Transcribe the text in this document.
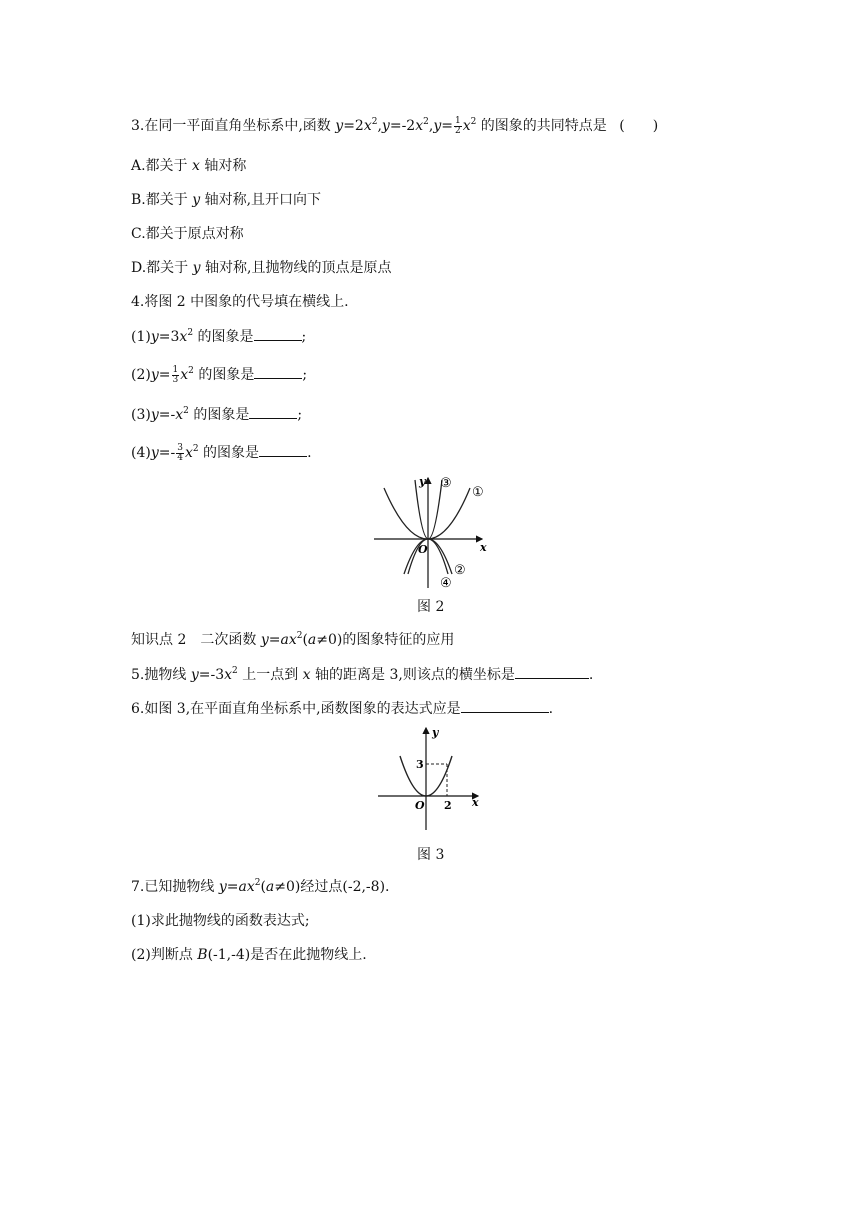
3.在同一平面直角坐标系中,函数 $y=2x^2,y=-2x^2,y= \frac{1}{2} x^2$ 的图象的共同特点是 (　　)
A.都关于 x 轴对称
B.都关于 y 轴对称,且开口向下
C.都关于原点对称
D.都关于 y 轴对称,且抛物线的顶点是原点
4.将图 2 中图象的代号填在横线上.
$(1)y=3x^2$ 的图象是	;
$(2)y= \frac{1}{3} x^2$ 的图象是	;
$(3)y=-x^2$ 的图象是	;
$(4)y=- \frac{3}{4} x^2$ 的图象是	.
y
x
O
①
③
②
④
图 2
知识点 2　二次函数 $y=ax^2(a\ne 0)$的图象特征的应用
5.抛物线 $y=-3x^2$ 上一点到 x 轴的距离是 3,则该点的横坐标是	.
6.如图 3,在平面直角坐标系中,函数图象的表达式应是	.
y
x
O
3
2
图 3
7.已知抛物线 $y=ax^2(a\ne 0)$经过点(-2,-8).
(1)求此抛物线的函数表达式;
(2)判断点 B(-1,-4)是否在此抛物线上.
